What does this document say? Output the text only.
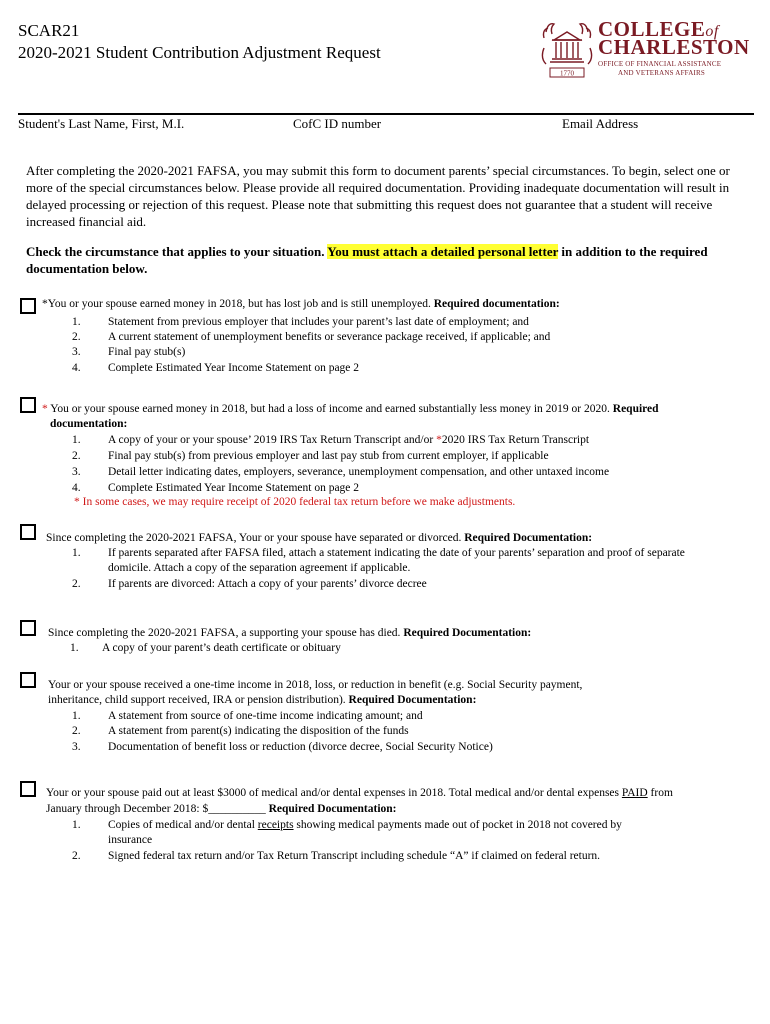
SCAR21
2020-2021 Student Contribution Adjustment Request
1770
COLLEGEof
CHARLESTON
OFFICE OF FINANCIAL ASSISTANCE
AND VETERANS AFFAIRS
Student's Last Name, First, M.I.	CofC ID number	Email Address
After completing the 2020-2021 FAFSA, you may submit this form to document parents’ special circumstances. To begin, select one or more of the special circumstances below. Please provide all required documentation. Providing inadequate documentation will result in delayed processing or rejection of this request. Please note that submitting this request does not guarantee that a student will receive increased financial aid.
Check the circumstance that applies to your situation. You must attach a detailed personal letter in addition to the required documentation below.
*You or your spouse earned money in 2018, but has lost job and is still unemployed. Required documentation:
1. Statement from previous employer that includes your parent’s last date of employment; and
2. A current statement of unemployment benefits or severance package received, if applicable; and
3. Final pay stub(s)
4. Complete Estimated Year Income Statement on page 2
* You or your spouse earned money in 2018, but had a loss of income and earned substantially less money in 2019 or 2020. Required
documentation:
1. A copy of your or your spouse’ 2019 IRS Tax Return Transcript and/or *2020 IRS Tax Return Transcript
2. Final pay stub(s) from previous employer and last pay stub from current employer, if applicable
3. Detail letter indicating dates, employers, severance, unemployment compensation, and other untaxed income
4. Complete Estimated Year Income Statement on page 2
* In some cases, we may require receipt of 2020 federal tax return before we make adjustments.
Since completing the 2020-2021 FAFSA, Your or your spouse have separated or divorced. Required Documentation:
1. If parents separated after FAFSA filed, attach a statement indicating the date of your parents’ separation and proof of separate
domicile. Attach a copy of the separation agreement if applicable.
2. If parents are divorced: Attach a copy of your parents’ divorce decree
Since completing the 2020-2021 FAFSA, a supporting your spouse has died. Required Documentation:
1. A copy of your parent’s death certificate or obituary
Your or your spouse received a one-time income in 2018, loss, or reduction in benefit (e.g. Social Security payment,
inheritance, child support received, IRA or pension distribution). Required Documentation:
1. A statement from source of one-time income indicating amount; and
2. A statement from parent(s) indicating the disposition of the funds
3. Documentation of benefit loss or reduction (divorce decree, Social Security Notice)
Your or your spouse paid out at least $3000 of medical and/or dental expenses in 2018. Total medical and/or dental expenses PAID from
January through December 2018: $__________ Required Documentation:
1. Copies of medical and/or dental receipts showing medical payments made out of pocket in 2018 not covered by
insurance
2. Signed federal tax return and/or Tax Return Transcript including schedule “A” if claimed on federal return.
